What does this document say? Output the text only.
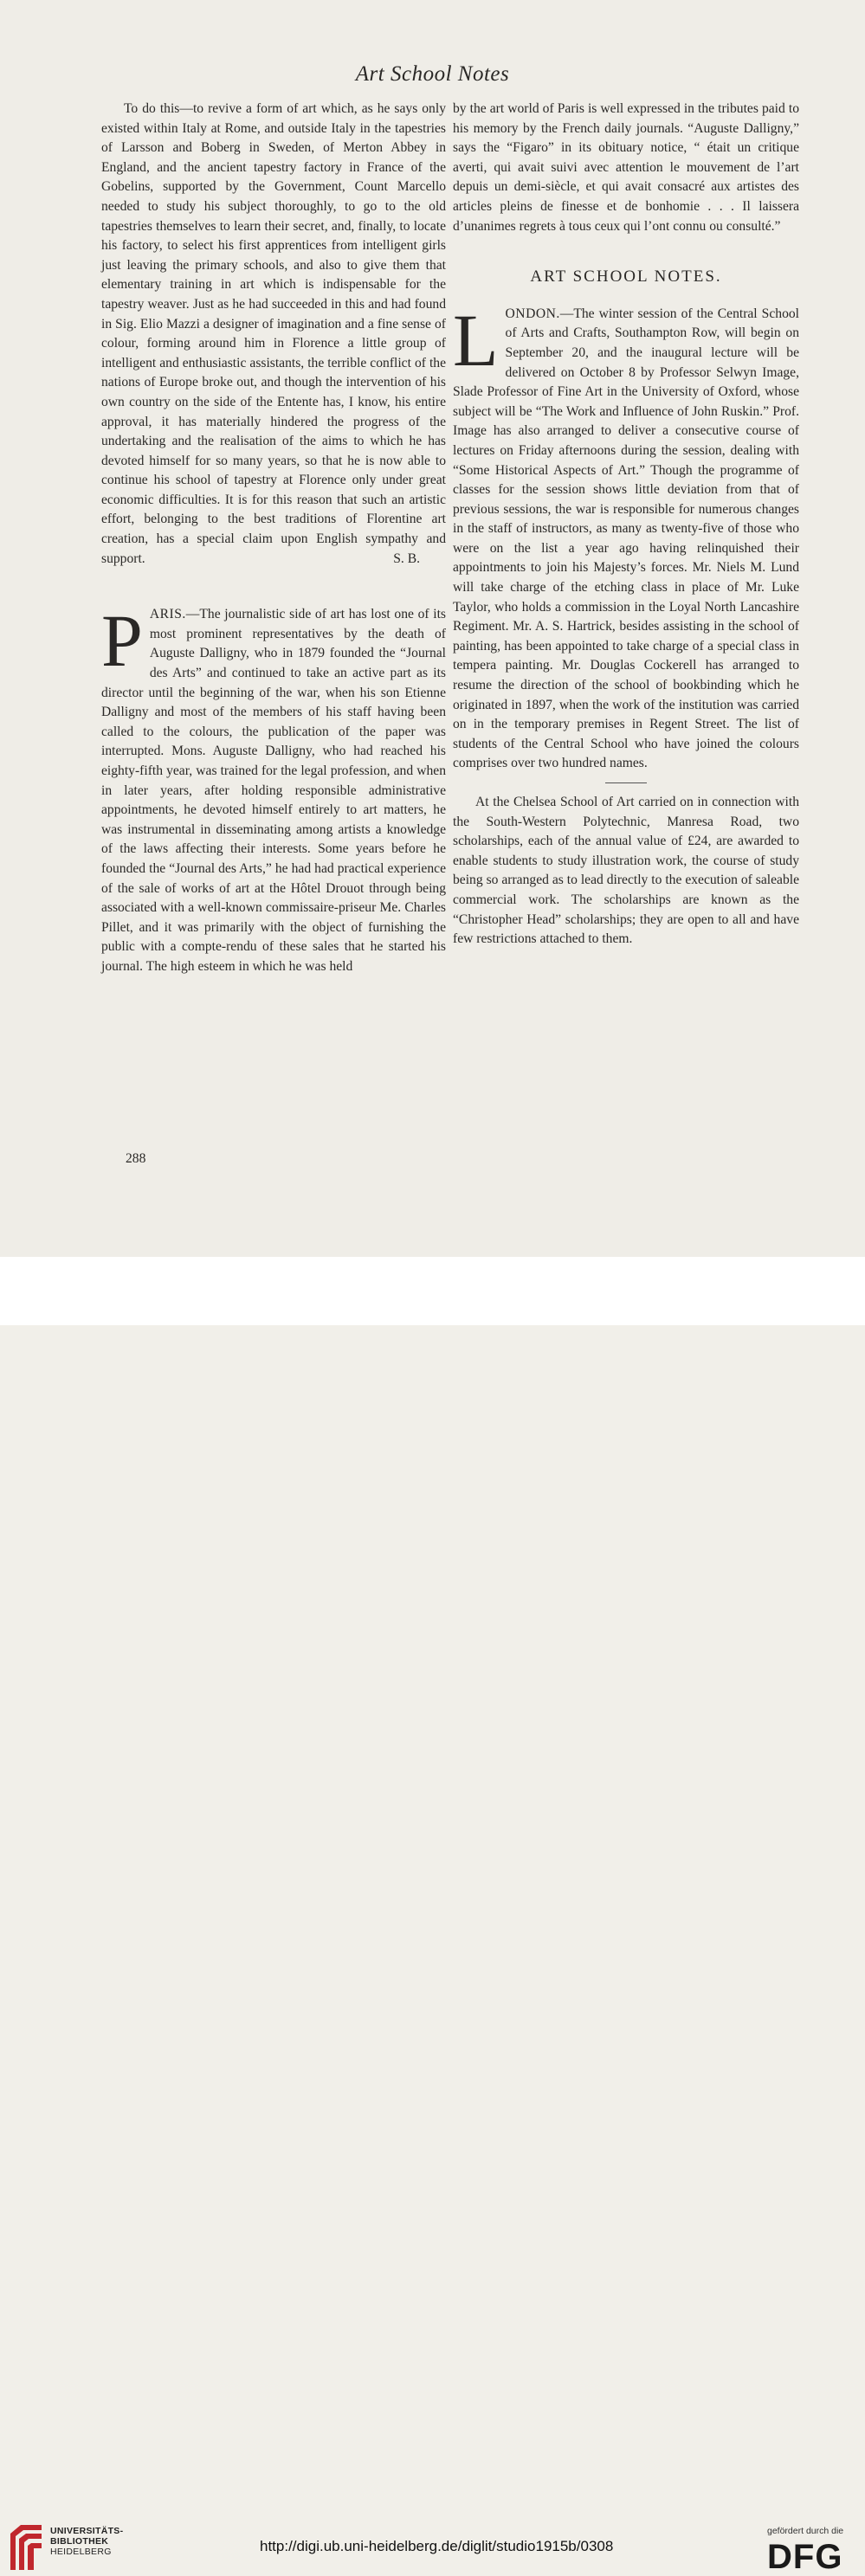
Art School Notes

To do this—to revive a form of art which, as he says only existed within Italy at Rome, and outside Italy in the tapestries of Larsson and Boberg in Sweden, of Merton Abbey in England, and the ancient tapestry factory in France of the Gobelins, supported by the Government, Count Marcello needed to study his subject thoroughly, to go to the old tapestries themselves to learn their secret, and, finally, to locate his factory, to select his first apprentices from intelligent girls just leaving the primary schools, and also to give them that elementary training in art which is indispensable for the tapestry weaver. Just as he had succeeded in this and had found in Sig. Elio Mazzi a designer of imagination and a fine sense of colour, forming around him in Florence a little group of intelligent and enthusiastic assistants, the terrible conflict of the nations of Europe broke out, and though the intervention of his own country on the side of the Entente has, I know, his entire approval, it has materially hindered the progress of the undertaking and the realisation of the aims to which he has devoted himself for so many years, so that he is now able to continue his school of tapestry at Florence only under great economic difficulties. It is for this reason that such an artistic effort, belonging to the best traditions of Florentine art creation, has a special claim upon English sympathy and support.	S. B.

PARIS.—The journalistic side of art has lost one of its most prominent representatives by the death of Auguste Dalligny, who in 1879 founded the “Journal des Arts” and continued to take an active part as its director until the beginning of the war, when his son Etienne Dalligny and most of the members of his staff having been called to the colours, the publication of the paper was interrupted. Mons. Auguste Dalligny, who had reached his eighty-fifth year, was trained for the legal profession, and when in later years, after holding responsible administrative appointments, he devoted himself entirely to art matters, he was instrumental in disseminating among artists a knowledge of the laws affecting their interests. Some years before he founded the “Journal des Arts,” he had had practical experience of the sale of works of art at the Hôtel Drouot through being associated with a well-known commissaire-priseur Me. Charles Pillet, and it was primarily with the object of furnishing the public with a compte-rendu of these sales that he started his journal. The high esteem in which he was held

by the art world of Paris is well expressed in the tributes paid to his memory by the French daily journals. “Auguste Dalligny,” says the “Figaro” in its obituary notice, “ était un critique averti, qui avait suivi avec attention le mouvement de l’art depuis un demi-siècle, et qui avait consacré aux artistes des articles pleins de finesse et de bonhomie . . . Il laissera d’unanimes regrets à tous ceux qui l’ont connu ou consulté.”

ART SCHOOL NOTES.

LONDON.—The winter session of the Central School of Arts and Crafts, Southampton Row, will begin on September 20, and the inaugural lecture will be delivered on October 8 by Professor Selwyn Image, Slade Professor of Fine Art in the University of Oxford, whose subject will be “The Work and Influence of John Ruskin.” Prof. Image has also arranged to deliver a consecutive course of lectures on Friday afternoons during the session, dealing with “Some Historical Aspects of Art.” Though the programme of classes for the session shows little deviation from that of previous sessions, the war is responsible for numerous changes in the staff of instructors, as many as twenty-five of those who were on the list a year ago having relinquished their appointments to join his Majesty’s forces. Mr. Niels M. Lund will take charge of the etching class in place of Mr. Luke Taylor, who holds a commission in the Loyal North Lancashire Regiment. Mr. A. S. Hartrick, besides assisting in the school of painting, has been appointed to take charge of a special class in tempera painting. Mr. Douglas Cockerell has arranged to resume the direction of the school of bookbinding which he originated in 1897, when the work of the institution was carried on in the temporary premises in Regent Street. The list of students of the Central School who have joined the colours comprises over two hundred names.

At the Chelsea School of Art carried on in connection with the South-Western Polytechnic, Manresa Road, two scholarships, each of the annual value of £24, are awarded to enable students to study illustration work, the course of study being so arranged as to lead directly to the execution of saleable commercial work. The scholarships are known as the “Christopher Head” scholarships; they are open to all and have few restrictions attached to them.

288
UNIVERSITÄTS-
BIBLIOTHEK
HEIDELBERG	http://digi.ub.uni-heidelberg.de/diglit/studio1915b/0308
gefördert durch die
DFG
